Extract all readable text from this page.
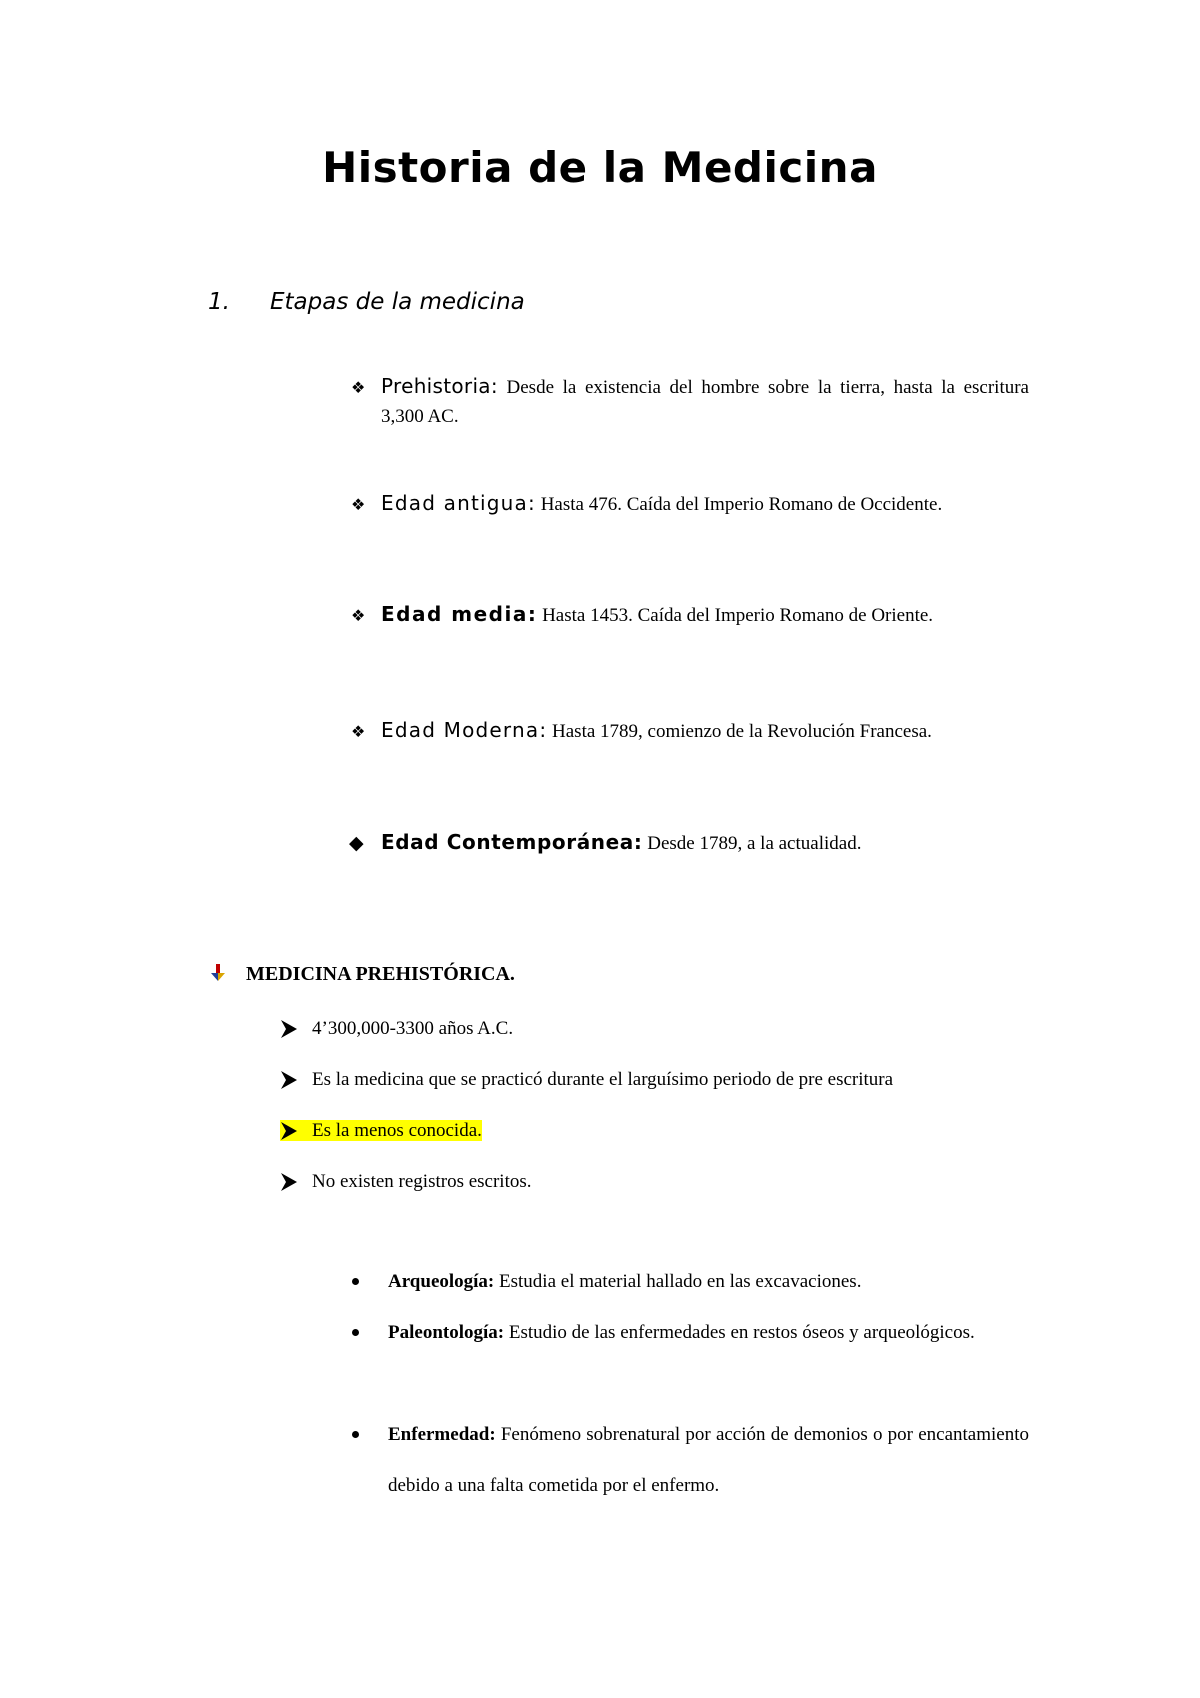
Historia de la Medicina
1. Etapas de la medicina
❖ Prehistoria: Desde la existencia del hombre sobre la tierra, hasta la escritura 3,300 AC.
❖ Edad antigua: Hasta 476. Caída del Imperio Romano de Occidente.
❖ Edad media: Hasta 1453. Caída del Imperio Romano de Oriente.
❖ Edad Moderna: Hasta 1789, comienzo de la Revolución Francesa.
◆ Edad Contemporánea: Desde 1789, a la actualidad.
MEDICINA PREHISTÓRICA.
4’300,000-3300 años A.C.
Es la medicina que se practicó durante el larguísimo periodo de pre escritura
Es la menos conocida.
No existen registros escritos.
Arqueología: Estudia el material hallado en las excavaciones.
Paleontología: Estudio de las enfermedades en restos óseos y arqueológicos.
Enfermedad: Fenómeno sobrenatural por acción de demonios o por encantamiento debido a una falta cometida por el enfermo.
